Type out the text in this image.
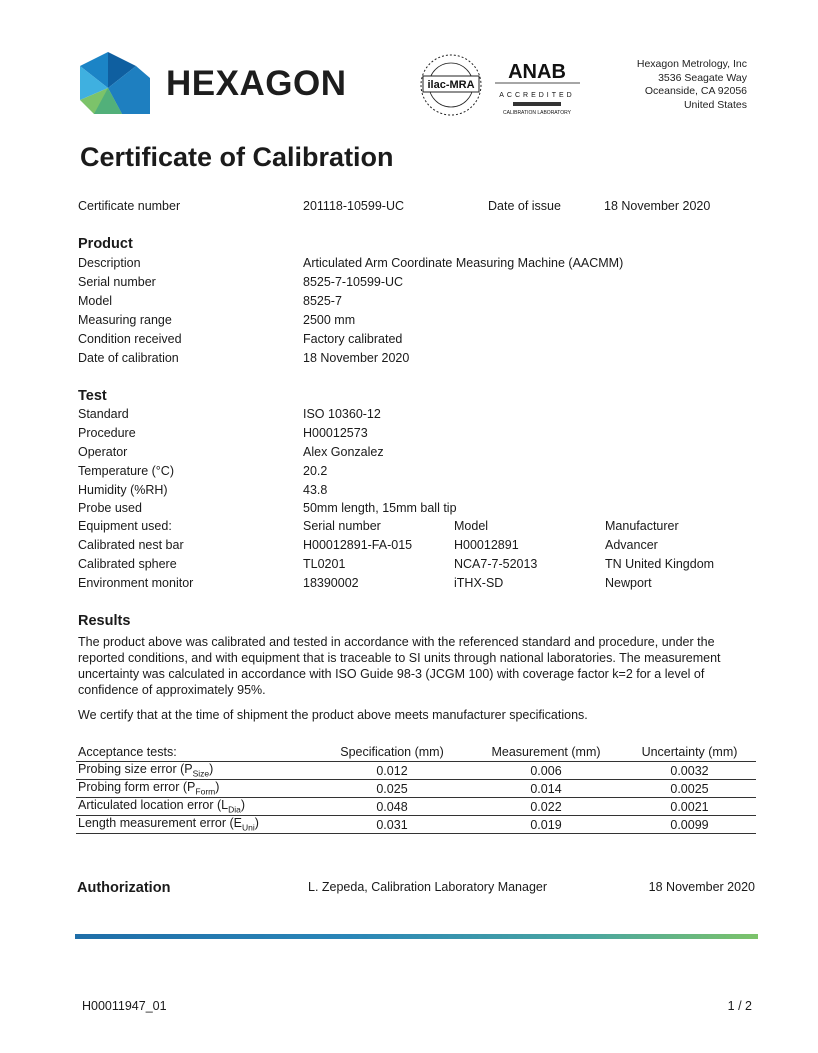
HEXAGON	ilac-MRA
ANAB
ACCREDITED
CALIBRATION LABORATORY
Hexagon Metrology, Inc
3536 Seagate Way
Oceanside, CA 92056
United States
Certificate of Calibration
Certificate number	201118-10599-UC	Date of issue	18 November 2020
Product
Description	Articulated Arm Coordinate Measuring Machine (AACMM)
Serial number	8525-7-10599-UC
Model	8525-7
Measuring range	2500 mm
Condition received	Factory calibrated
Date of calibration	18 November 2020
Test
Standard	ISO 10360-12
Procedure	H00012573
Operator	Alex Gonzalez
Temperature (°C)	20.2
Humidity (%RH)	43.8
Probe used	50mm length, 15mm ball tip
Equipment used:	Serial number	Model	Manufacturer
Calibrated nest bar	H00012891-FA-015	H00012891	Advancer
Calibrated sphere	TL0201	NCA7-7-52013	TN United Kingdom
Environment monitor	18390002	iTHX-SD	Newport
Results
The product above was calibrated and tested in accordance with the referenced standard and procedure, under the reported conditions, and with equipment that is traceable to SI units through national laboratories. The measurement uncertainty was calculated in accordance with ISO Guide 98-3 (JCGM 100) with coverage factor k=2 for a level of confidence of approximately 95%.
We certify that at the time of shipment the product above meets manufacturer specifications.
Acceptance tests:	Specification (mm)	Measurement (mm)	Uncertainty (mm)
Probing size error $(P_{Size})$	0.012	0.006	0.0032
Probing form error $(P_{Form})$	0.025	0.014	0.0025
Articulated location error $(L_{Dia})$	0.048	0.022	0.0021
Length measurement error $(E_{Uni})$	0.031	0.019	0.0099
Authorization	L. Zepeda, Calibration Laboratory Manager	18 November 2020
H00011947_01	1 / 2
